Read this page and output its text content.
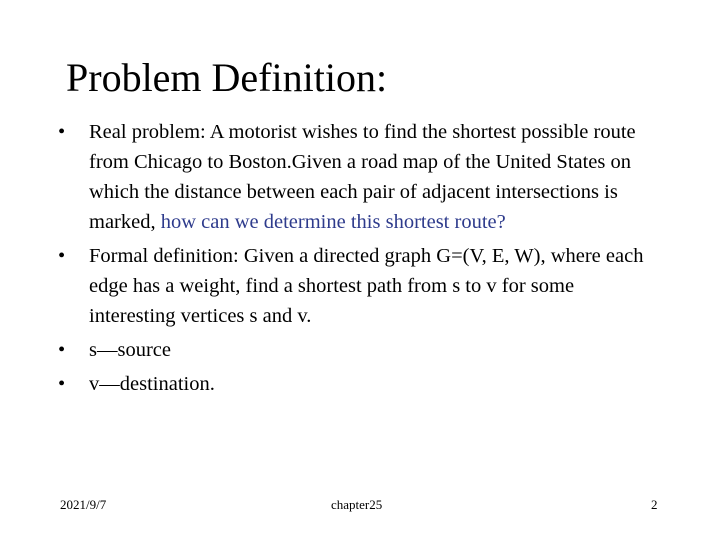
Problem Definition:
•	Real problem: A motorist wishes to find the shortest possible route from Chicago to Boston.Given a road map of the United States on which the distance between each pair of adjacent intersections is marked, how can we determine this shortest route?
•	Formal definition: Given a directed graph G=(V, E, W), where each edge has a weight, find a shortest path from s to v for some interesting vertices s and v.
•	s—source
•	v—destination.
2021/9/7	chapter25	2
